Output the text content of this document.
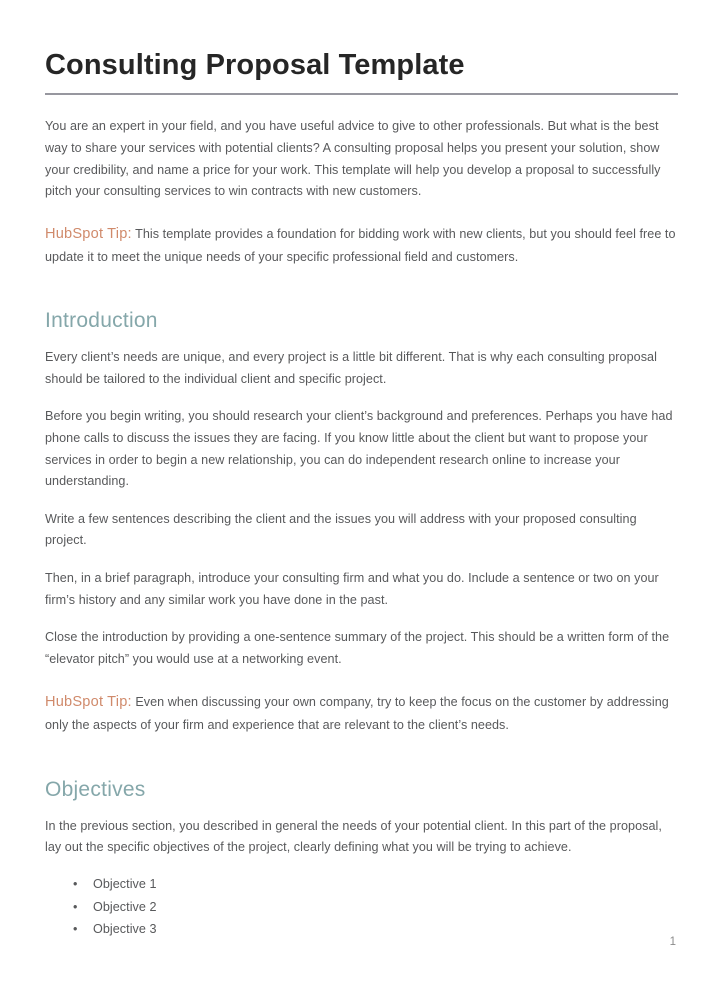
Consulting Proposal Template

You are an expert in your field, and you have useful advice to give to other professionals. But what is the best way to share your services with potential clients? A consulting proposal helps you present your solution, show your credibility, and name a price for your work. This template will help you develop a proposal to successfully pitch your consulting services to win contracts with new customers.

HubSpot Tip: This template provides a foundation for bidding work with new clients, but you should feel free to update it to meet the unique needs of your specific professional field and customers.

Introduction

Every client’s needs are unique, and every project is a little bit different. That is why each consulting proposal should be tailored to the individual client and specific project.

Before you begin writing, you should research your client’s background and preferences. Perhaps you have had phone calls to discuss the issues they are facing. If you know little about the client but want to propose your services in order to begin a new relationship, you can do independent research online to increase your understanding.

Write a few sentences describing the client and the issues you will address with your proposed consulting project.

Then, in a brief paragraph, introduce your consulting firm and what you do. Include a sentence or two on your firm’s history and any similar work you have done in the past.

Close the introduction by providing a one-sentence summary of the project. This should be a written form of the “elevator pitch” you would use at a networking event.

HubSpot Tip: Even when discussing your own company, try to keep the focus on the customer by addressing only the aspects of your firm and experience that are relevant to the client’s needs.

Objectives

In the previous section, you described in general the needs of your potential client. In this part of the proposal, lay out the specific objectives of the project, clearly defining what you will be trying to achieve.

• Objective 1
• Objective 2
• Objective 3
1
